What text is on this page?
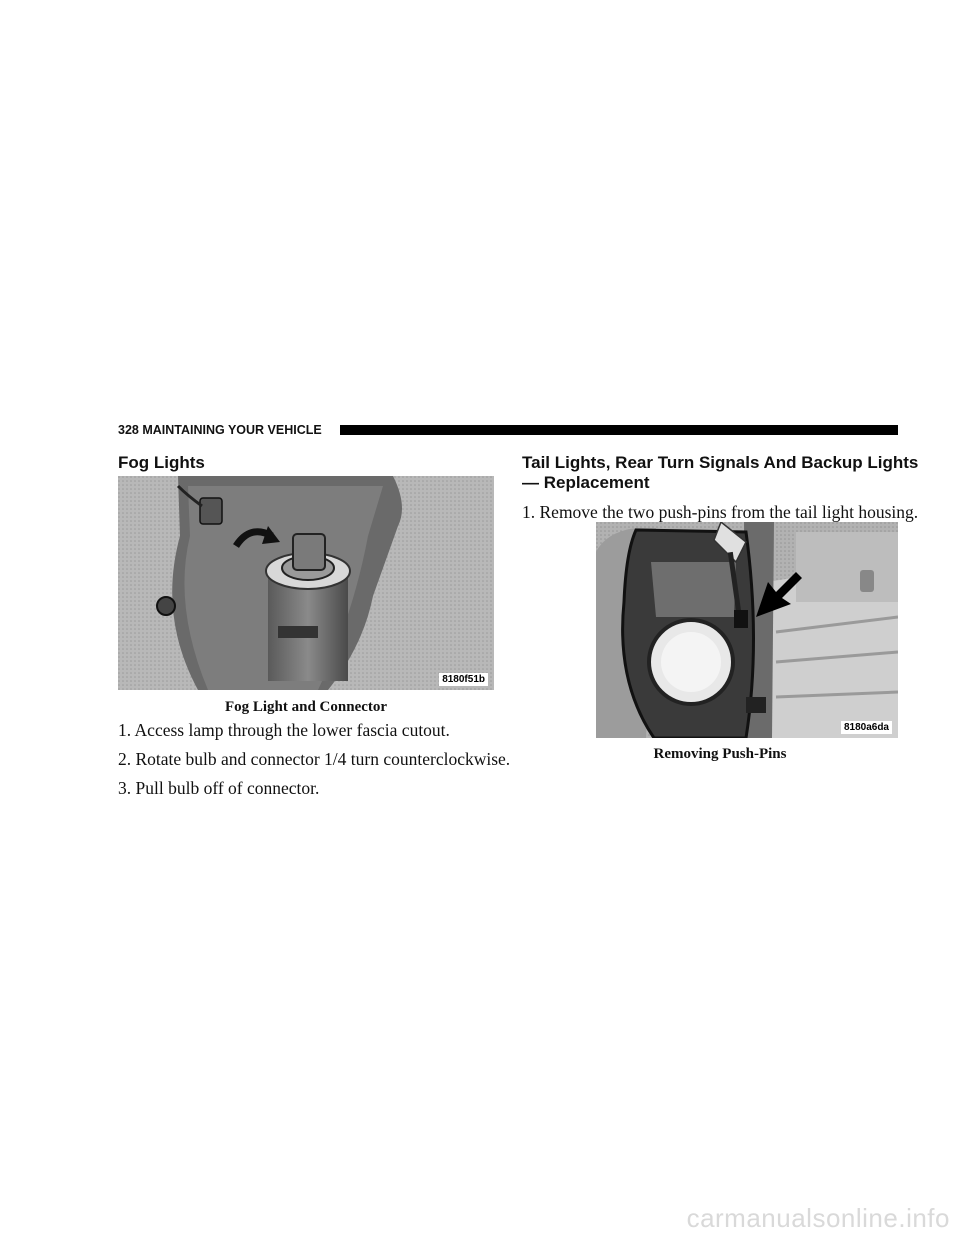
328 MAINTAINING YOUR VEHICLE
Fog Lights
8180f51b
Fog Light and Connector
1. Access lamp through the lower fascia cutout.
2. Rotate bulb and connector 1/4 turn counterclockwise.
3. Pull bulb off of connector.
Tail Lights, Rear Turn Signals And Backup Lights
— Replacement
1. Remove the two push-pins from the tail light housing.
8180a6da
Removing Push-Pins
carmanualsonline.info
